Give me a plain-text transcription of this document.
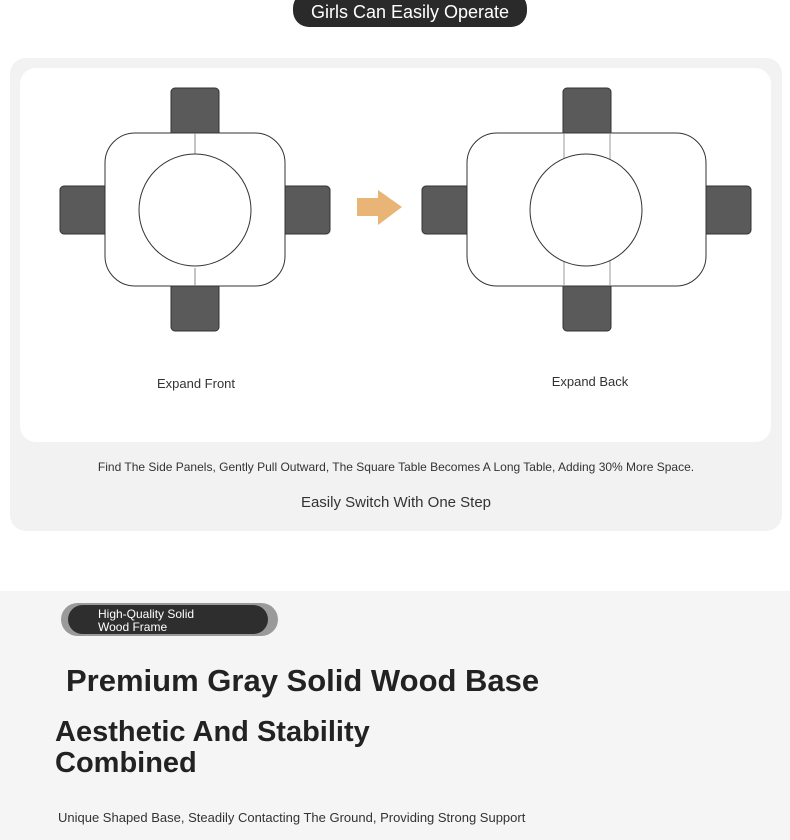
Girls Can Easily Operate
Expand Front	Expand Back
Find The Side Panels, Gently Pull Outward, The Square Table Becomes A Long Table, Adding 30% More Space.
Easily Switch With One Step
High-Quality Solid
Wood Frame
Premium Gray Solid Wood Base
Aesthetic And Stability
Combined
Unique Shaped Base, Steadily Contacting The Ground, Providing Strong Support
